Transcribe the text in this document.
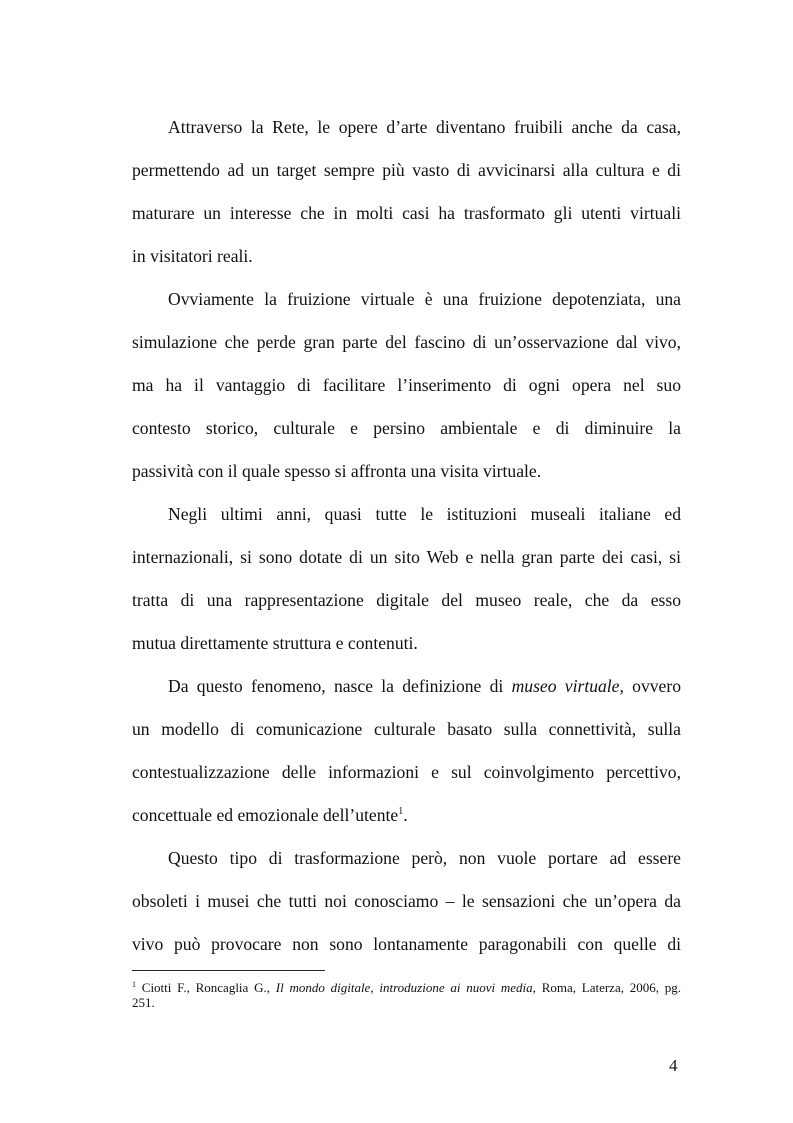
Attraverso la Rete, le opere d’arte diventano fruibili anche da casa,
permettendo ad un target sempre più vasto di avvicinarsi alla cultura e di
maturare un interesse che in molti casi ha trasformato gli utenti virtuali
in visitatori reali.
Ovviamente la fruizione virtuale è una fruizione depotenziata, una
simulazione che perde gran parte del fascino di un’osservazione dal vivo,
ma ha il vantaggio di facilitare l’inserimento di ogni opera nel suo
contesto storico, culturale e persino ambientale e di diminuire la
passività con il quale spesso si affronta una visita virtuale.
Negli ultimi anni, quasi tutte le istituzioni museali italiane ed
internazionali, si sono dotate di un sito Web e nella gran parte dei casi, si
tratta di una rappresentazione digitale del museo reale, che da esso
mutua direttamente struttura e contenuti.
Da questo fenomeno, nasce la definizione di museo virtuale, ovvero
un modello di comunicazione culturale basato sulla connettività, sulla
contestualizzazione delle informazioni e sul coinvolgimento percettivo,
concettuale ed emozionale dell’utente$^1$.
Questo tipo di trasformazione però, non vuole portare ad essere
obsoleti i musei che tutti noi conosciamo – le sensazioni che un’opera da
vivo può provocare non sono lontanamente paragonabili con quelle di
$^1$ Ciotti F., Roncaglia G., Il mondo digitale, introduzione ai nuovi media, Roma, Laterza, 2006, pg.
251.
4
